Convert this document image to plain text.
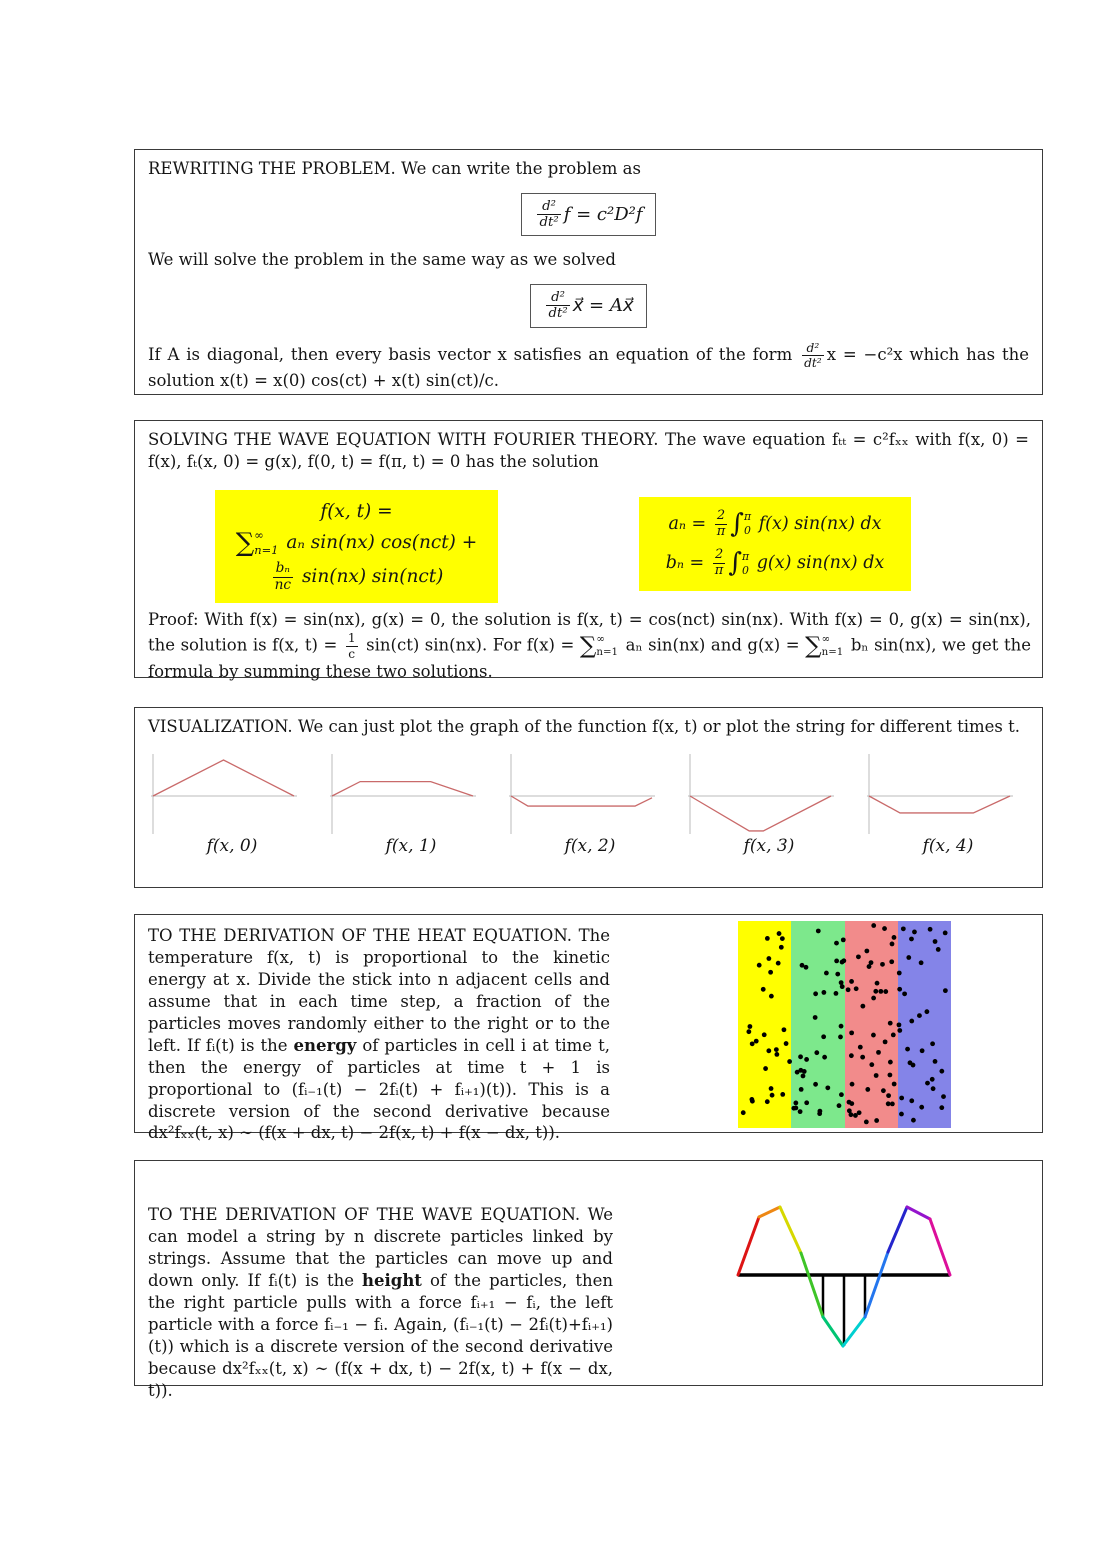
REWRITING THE PROBLEM. We can write the problem as

$\frac{\text{d²}}{\text{dt²}}$ f = c²D²f

We will solve the problem in the same way as we solved

$\frac{\text{d²}}{\text{dt²}}$ x⃗ = Ax⃗

If A is diagonal, then every basis vector x satisfies an equation of the form $\frac{\text{d²}}{\text{dt²}}$ x = −c²x which has the solution x(t) = x(0) cos(ct) + x(t) sin(ct)/c.

SOLVING THE WAVE EQUATION WITH FOURIER THEORY. The wave equation fₜₜ = c²fₓₓ with f(x, 0) = f(x), fₜ(x, 0) = g(x), f(0, t) = f(π, t) = 0 has the solution

f(x, t) =
∑ ∞
n=1 aₙ sin(nx) cos(nct) +
$\frac{\text{bₙ}}{nc} \sin(nx)$ sin(nct)
$a_n = \frac{2}{\pi}$ ∫ π
0 f(x) sin(nx) dx
$b_n = \frac{2}{\pi}$ ∫ π
0 g(x) sin(nx) dx

Proof: With f(x) = sin(nx), g(x) = 0, the solution is f(x, t) = cos(nct) sin(nx). With f(x) = 0, g(x) = sin(nx), the solution is f(x, $t) = \frac{1}{c} \sin(ct)$ sin(nx). For f(x) = ∑ ∞
n=1 aₙ sin(nx) and g(x) = ∑ ∞
n=1 bₙ sin(nx), we get the formula by summing these two solutions.

VISUALIZATION. We can just plot the graph of the function f(x, t) or plot the string for different times t.

f(x, 0)	f(x, 1)	f(x, 2)	f(x, 3)	f(x, 4)

TO THE DERIVATION OF THE HEAT EQUATION. The temperature f(x, t) is proportional to the kinetic energy at x. Divide the stick into n adjacent cells and assume that in each time step, a fraction of the particles moves randomly either to the right or to the left. If fᵢ(t) is the energy of particles in cell i at time t, then the energy of particles at time t + 1 is proportional to (fᵢ₋₁(t) − 2fᵢ(t) + fᵢ₊₁)(t)). This is a discrete version of the second derivative because dx²fₓₓ(t, x) ∼ (f(x + dx, t) − 2f(x, t) + f(x − dx, t)).

TO THE DERIVATION OF THE WAVE EQUATION. We can model a string by n discrete particles linked by strings. Assume that the particles can move up and down only. If fᵢ(t) is the height of the particles, then the right particle pulls with a force fᵢ₊₁ − fᵢ, the left particle with a force fᵢ₋₁ − fᵢ. Again, (fᵢ₋₁(t) − 2fᵢ(t)+fᵢ₊₁)(t)) which is a discrete version of the second derivative because dx²fₓₓ(t, x) ∼ (f(x + dx, t) − 2f(x, t) + f(x − dx, t)).
